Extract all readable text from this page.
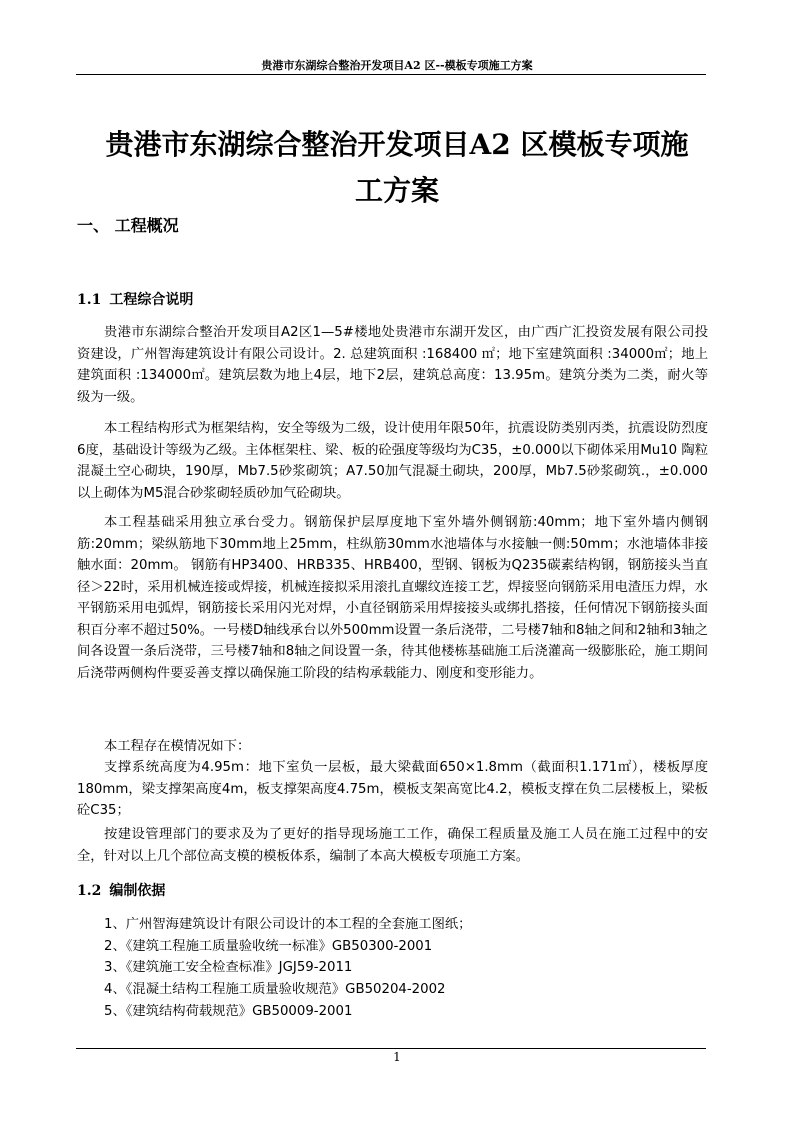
贵港市东湖综合整治开发项目A2 区--模板专项施工方案
贵港市东湖综合整治开发项目A2 区模板专项施
工方案
一、 工程概况
1.1 工程综合说明
贵港市东湖综合整治开发项目A2区1—5#楼地处贵港市东湖开发区，由广西广汇投资发展有限公司投资建设，广州智海建筑设计有限公司设计。2. 总建筑面积 :168400 ㎡；地下室建筑面积 :34000㎡；地上建筑面积 :134000㎡。建筑层数为地上4层，地下2层，建筑总高度：13.95m。建筑分类为二类，耐火等级为一级。
本工程结构形式为框架结构，安全等级为二级，设计使用年限50年，抗震设防类别丙类，抗震设防烈度6度，基础设计等级为乙级。主体框架柱、梁、板的砼强度等级均为C35，±0.000以下砌体采用Mu10 陶粒混凝土空心砌块，190厚，Mb7.5砂浆砌筑；A7.50加气混凝土砌块，200厚，Mb7.5砂浆砌筑.，±0.000以上砌体为M5混合砂浆砌轻质砂加气砼砌块。
本工程基础采用独立承台受力。钢筋保护层厚度地下室外墙外侧钢筋:40mm；地下室外墙内侧钢筋:20mm；梁纵筋地下30mm地上25mm，柱纵筋30mm水池墙体与水接触一侧:50mm；水池墙体非接触水面：20mm。 钢筋有HP3400、HRB335、HRB400，型钢、钢板为Q235碳素结构钢，钢筋接头当直径＞22时，采用机械连接或焊接，机械连接拟采用滚扎直螺纹连接工艺，焊接竖向钢筋采用电渣压力焊，水平钢筋采用电弧焊，钢筋接长采用闪光对焊，小直径钢筋采用焊接接头或绑扎搭接，任何情况下钢筋接头面积百分率不超过50%。一号楼D轴线承台以外500mm设置一条后浇带，二号楼7轴和8轴之间和2轴和3轴之间各设置一条后浇带，三号楼7轴和8轴之间设置一条，待其他楼栋基础施工后浇灌高一级膨胀砼，施工期间后浇带两侧构件要妥善支撑以确保施工阶段的结构承载能力、刚度和变形能力。
本工程存在模情况如下：
支撑系统高度为4.95m：地下室负一层板，最大梁截面650×1.8mm（截面积1.171㎡），楼板厚度180mm，梁支撑架高度4m，板支撑架高度4.75m，模板支架高宽比4.2，模板支撑在负二层楼板上，梁板砼C35；
按建设管理部门的要求及为了更好的指导现场施工工作，确保工程质量及施工人员在施工过程中的安全，针对以上几个部位高支模的模板体系，编制了本高大模板专项施工方案。
1.2 编制依据
1、广州智海建筑设计有限公司设计的本工程的全套施工图纸；
2、《建筑工程施工质量验收统一标准》GB50300-2001
3、《建筑施工安全检查标准》JGJ59-2011
4、《混凝土结构工程施工质量验收规范》GB50204-2002
5、《建筑结构荷载规范》GB50009-2001
1
